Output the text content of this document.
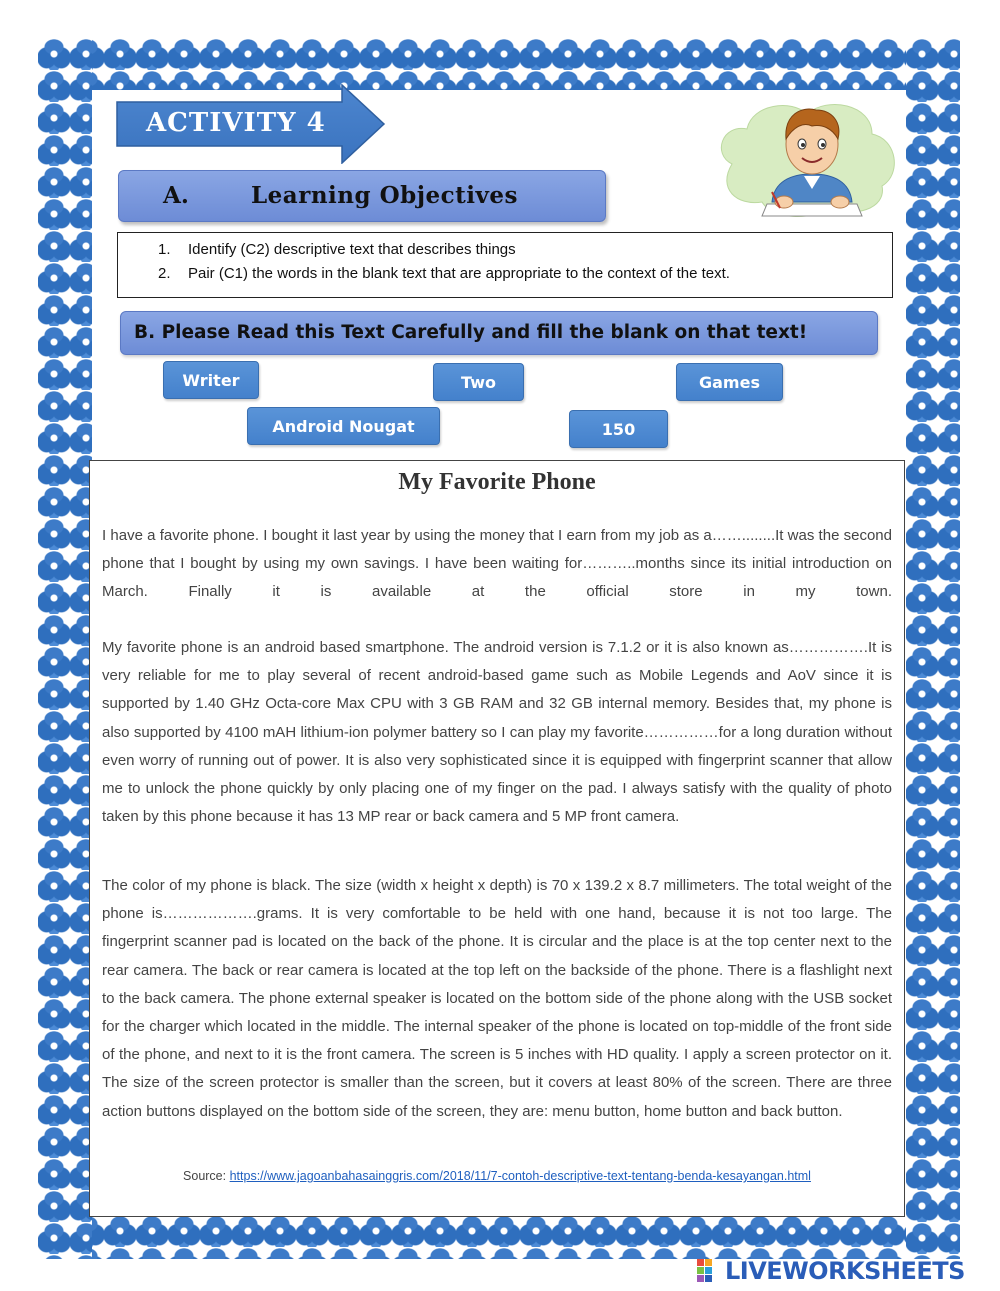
ACTIVITY 4
A.	Learning Objectives
1. Identify (C2) descriptive text that describes things
2. Pair (C1) the words in the blank text that are appropriate to the context of the text.
B. Please Read this Text Carefully and fill the blank on that text!
Writer	Two	Games
Android Nougat	150
My Favorite Phone

I have a favorite phone. I bought it last year by using the money that I earn from my job as a……........It was the second phone that I bought by using my own savings. I have been waiting for………..months since its initial introduction on March. Finally it is available at the official store in my town.

My favorite phone is an android based smartphone. The android version is 7.1.2 or it is also known as…………….It is very reliable for me to play several of recent android-based game such as Mobile Legends and AoV since it is supported by 1.40 GHz Octa-core Max CPU with 3 GB RAM and 32 GB internal memory. Besides that, my phone is also supported by 4100 mAH lithium-ion polymer battery so I can play my favorite……………for a long duration without even worry of running out of power. It is also very sophisticated since it is equipped with fingerprint scanner that allow me to unlock the phone quickly by only placing one of my finger on the pad. I always satisfy with the quality of photo taken by this phone because it has 13 MP rear or back camera and 5 MP front camera.

The color of my phone is black. The size (width x height x depth) is 70 x 139.2 x 8.7 millimeters. The total weight of the phone is……………….grams. It is very comfortable to be held with one hand, because it is not too large. The fingerprint scanner pad is located on the back of the phone. It is circular and the place is at the top center next to the rear camera. The back or rear camera is located at the top left on the backside of the phone. There is a flashlight next to the back camera. The phone external speaker is located on the bottom side of the phone along with the USB socket for the charger which located in the middle. The internal speaker of the phone is located on top-middle of the front side of the phone, and next to it is the front camera. The screen is 5 inches with HD quality. I apply a screen protector on it. The size of the screen protector is smaller than the screen, but it covers at least 80% of the screen. There are three action buttons displayed on the bottom side of the screen, they are: menu button, home button and back button.

Source: https://www.jagoanbahasainggris.com/2018/11/7-contoh-descriptive-text-tentang-benda-kesayangan.html
LIVEWORKSHEETS
